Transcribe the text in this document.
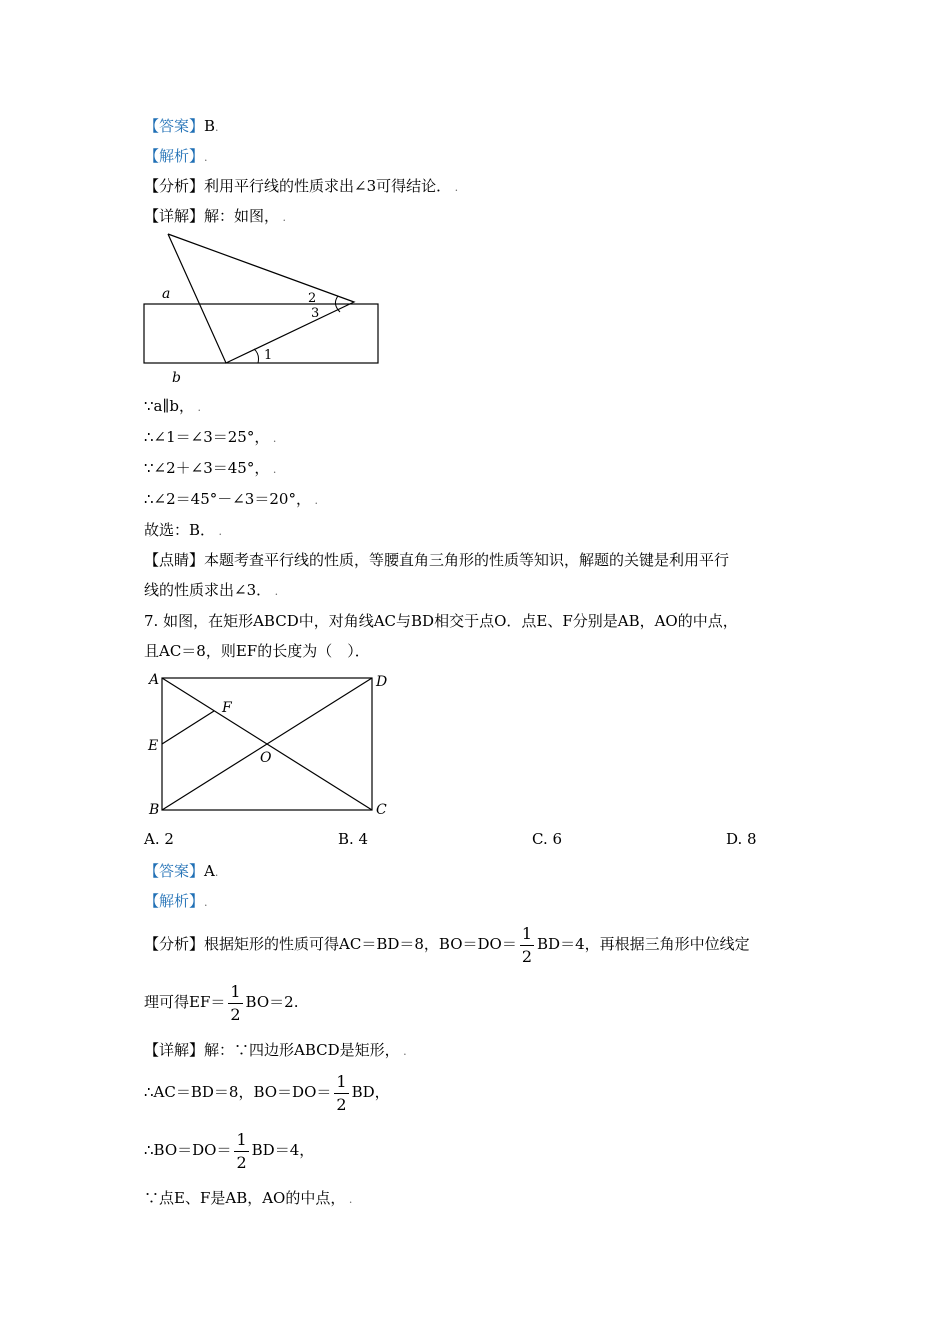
【答案】B.
【解析】.
【分析】利用平行线的性质求出∠3可得结论． .
【详解】解：如图， .
a
b
2
3
1
∵a∥b， .
∴∠1＝∠3＝25°， .
∵∠2＋∠3＝45°， .
∴∠2＝45°－∠3＝20°， .
故选：B． .
【点睛】本题考查平行线的性质，等腰直角三角形的性质等知识，解题的关键是利用平行
线的性质求出∠3． .
7. 如图，在矩形ABCD中，对角线AC与BD相交于点O．点E、F分别是AB，AO的中点，
且AC＝8，则EF的长度为（　）．
A	D
E
F
O
B	C
A. 2	B. 4	C. 6	D. 8
【答案】A.
【解析】.
【分析】根据矩形的性质可得AC＝BD＝8，$BO=DO= \frac{1}{2} BD=4$，再根据三角形中位线定
理可得$EF= \frac{1}{2} BO=2$.
【详解】解：∵四边形ABCD是矩形， .
∴AC＝BD＝8，$BO=DO= \frac{1}{2}$ BD，
∴BO＝DO＝ $\frac{1}{2} BD=4$，
∵点E、F是AB，AO的中点， .
